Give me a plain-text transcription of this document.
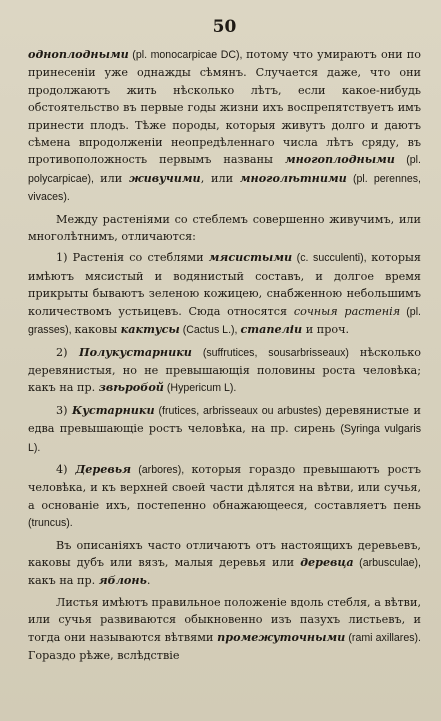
50

однoплодными (pl. monocarpicae DC), потому что умираютъ они по принесеніи уже однажды сѣмянъ. Случается даже, что они продолжаютъ жить нѣсколько лѣтъ, если какое-нибудь обстоятельство въ первые годы жизни ихъ воспрепятствуетъ имъ принести плодъ. Тѣже породы, которыя живутъ долго и даютъ сѣмена впродолженіи неопредѣленнаго числа лѣтъ сряду, въ противоположность первымъ названы многоплодными (pl. polycarpicae), или живучими, или многолѣтними (pl. perennes, vivaces).

Между растеніями со стеблемъ совершенно живучимъ, или многолѣтнимъ, отличаются:

1) Растенія со стеблями мясистыми (c. succulenti), которыя имѣютъ мясистый и водянистый составъ, и долгое время прикрыты бываютъ зеленою кожицею, снабженною небольшимъ количествомъ устьицевъ. Сюда относятся сочныя растенія (pl. grasses), каковы кактусы (Cactus L.), стапеліи и проч.

2) Полукустарники (suffrutices, sousarbrisseaux) нѣсколько деревянистыя, но не превышающія половины роста человѣка; какъ на пр. звѣробой (Hypericum L).

3) Кустарники (frutices, arbrisseaux ou arbustes) деревянистые и едва превышающіе ростъ человѣка, на пр. сирень (Syringa vulgaris L).

4) Деревья (arbores), которыя гораздо превышаютъ ростъ человѣка, и къ верхней своей части дѣлятся на вѣтви, или сучья, а основаніе ихъ, постепенно обнажающееся, составляетъ пень (truncus).

Въ описаніяхъ часто отличаютъ отъ настоящихъ деревьевъ, каковы дубъ или вязъ, малыя деревья или деревца (arbusculae), какъ на пр. яблонь.

Листья имѣютъ правильное положеніе вдоль стебля, а вѣтви, или сучья развиваются обыкновенно изъ пазухъ листьевъ, и тогда они называются вѣтвями промежуточными (rami axillares). Гораздо рѣже, вслѣдствіе
